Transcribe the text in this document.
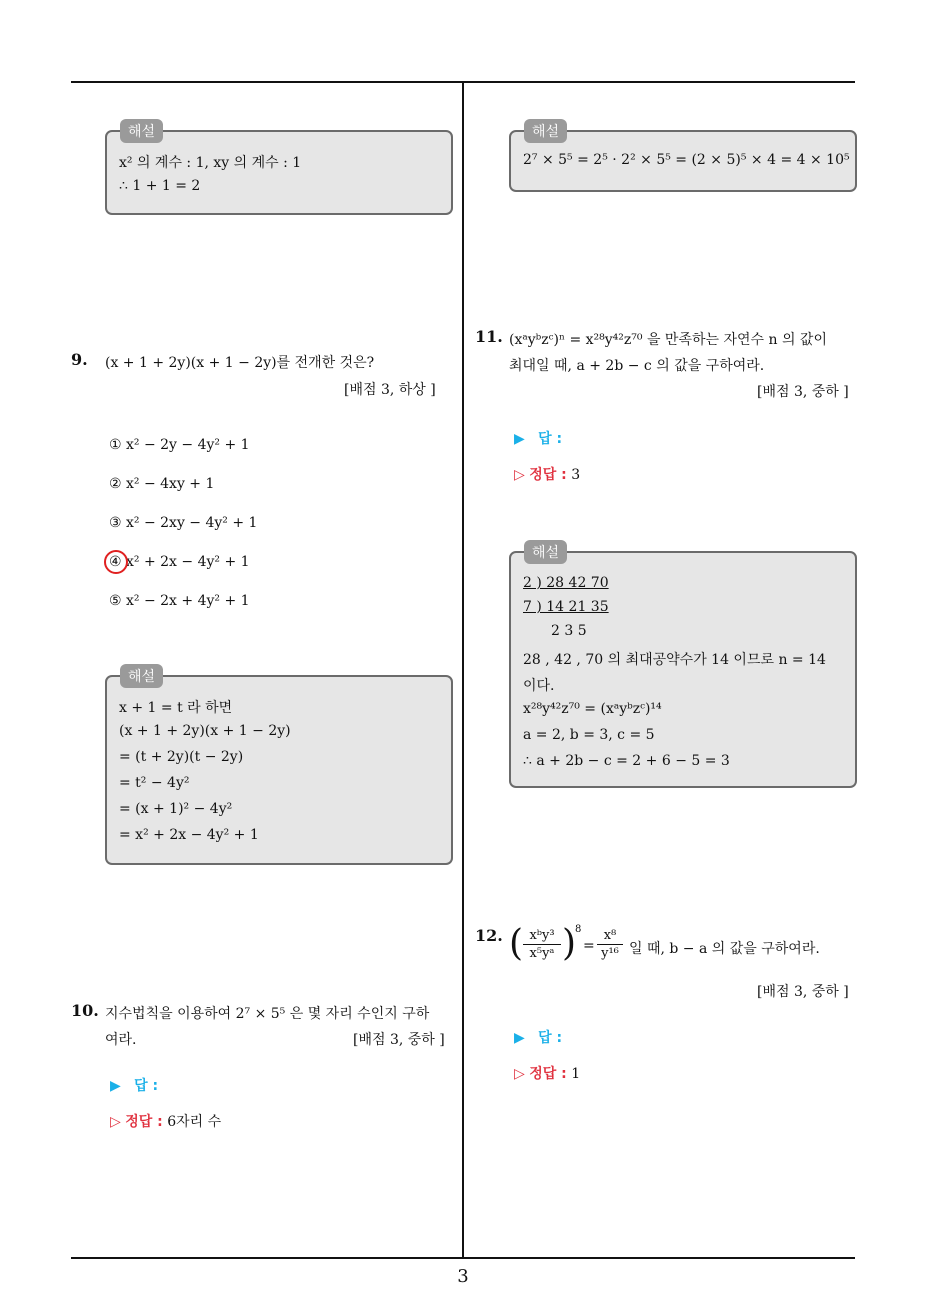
해설
x² 의 계수 : 1, xy 의 계수 : 1
∴ 1 + 1 = 2
9. (x + 1 + 2y)(x + 1 − 2y)를 전개한 것은?
[배점 3, 하상 ]
① x² − 2y − 4y² + 1
② x² − 4xy + 1
③ x² − 2xy − 4y² + 1
④ x² + 2x − 4y² + 1
⑤ x² − 2x + 4y² + 1
해설
x + 1 = t 라 하면
(x + 1 + 2y)(x + 1 − 2y)
= (t + 2y)(t − 2y)
= t² − 4y²
= (x + 1)² − 4y²
= x² + 2x − 4y² + 1
10. 지수법칙을 이용하여 2⁷ × 5⁵ 은 몇 자리 수인지 구하
여라.	[배점 3, 중하 ]
▶ 답 :
▷ 정답 : 6자리 수
해설
2⁷ × 5⁵ = 2⁵ · 2² × 5⁵ = (2 × 5)⁵ × 4 = 4 × 10⁵
11. (xᵃyᵇzᶜ)ⁿ = x²⁸y⁴²z⁷⁰ 을 만족하는 자연수 n 의 값이
최대일 때, a + 2b − c 의 값을 구하여라.
[배점 3, 중하 ]
▶ 답 :
▷ 정답 : 3
해설
2 ) 28 42 70
7 ) 14 21 35
2 3 5
28 , 42 , 70 의 최대공약수가 14 이므로 n = 14
이다.
x²⁸y⁴²z⁷⁰ = (xᵃyᵇzᶜ)¹⁴
a = 2, b = 3, c = 5
∴ a + 2b − c = 2 + 6 − 5 = 3
12. ( xᵇy³
x⁵yᵃ )
8
= $\frac{\text{x⁸}}{\text{y¹⁶}}$ 일 때, b − a 의 값을 구하여라.
[배점 3, 중하 ]
▶ 답 :
▷ 정답 : 1
3
